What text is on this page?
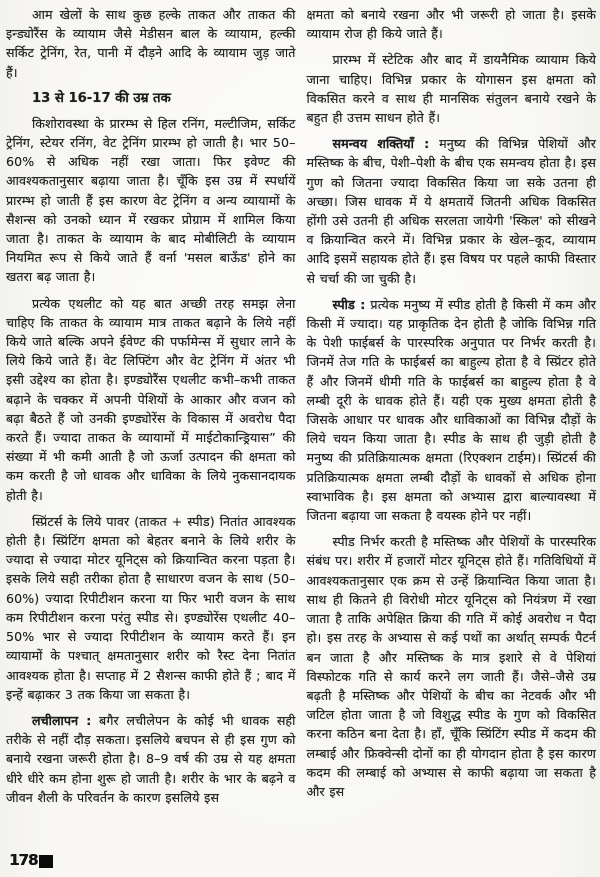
आम खेलों के साथ कुछ हल्के ताकत और ताकत की इन्ड्योरैंस के व्यायाम जैसे मेडीसन बाल के व्यायाम, हल्की सर्किट ट्रेनिंग, रेत, पानी में दौड़ने आदि के व्यायाम जुड़ जाते हैं।

13 से 16-17 की उम्र तक

किशोरावस्था के प्रारम्भ से हिल रनिंग, मल्टीजिम, सर्किट ट्रेनिंग, स्टेयर रनिंग, वेट ट्रेनिंग प्रारम्भ हो जाती है। भार 50–60% से अधिक नहीं रखा जाता। फिर इवेण्ट की आवश्यकतानुसार बढ़ाया जाता है। चूँकि इस उम्र में स्पर्धायें प्रारम्भ हो जाती हैं इस कारण वेट ट्रेनिंग व अन्य व्यायामों के सैशन्स को उनको ध्यान में रखकर प्रोग्राम में शामिल किया जाता है। ताकत के व्यायाम के बाद मोबीलिटी के व्यायाम नियमित रूप से किये जाते हैं वर्ना 'मसल बाऊँड' होने का खतरा बढ़ जाता है।

प्रत्येक एथलीट को यह बात अच्छी तरह समझ लेना चाहिए कि ताकत के व्यायाम मात्र ताकत बढ़ाने के लिये नहीं किये जाते बल्कि अपने ईवेण्ट की पर्फामेन्स में सुधार लाने के लिये किये जाते हैं। वेट लिफ्टिंग और वेट ट्रेनिंग में अंतर भी इसी उद्देश्य का होता है। इण्ड्योरैंस एथलीट कभी–कभी ताकत बढ़ाने के चक्कर में अपनी पेशियों के आकार और वजन को बढ़ा बैठते हैं जो उनकी इण्ड्योरेंस के विकास में अवरोध पैदा करते हैं। ज्यादा ताकत के व्यायामों में माईटोकान्ड्रियास” की संख्या में भी कमी आती है जो ऊर्जा उत्पादन की क्षमता को कम करती है जो धावक और धाविका के लिये नुकसानदायक होती है।

स्प्रिंटर्स के लिये पावर (ताकत + स्पीड) नितांत आवश्यक होती है। स्प्रिंटिंग क्षमता को बेहतर बनाने के लिये शरीर के ज्यादा से ज्यादा मोटर यूनिट्स को क्रियान्वित करना पड़ता है। इसके लिये सही तरीका होता है साधारण वजन के साथ (50–60%) ज्यादा रिपीटीशन करना या फिर भारी वजन के साथ कम रिपीटीशन करना परंतु स्पीड से। इण्ड्योरेंस एथलीट 40–50% भार से ज्यादा रिपीटीशन के व्यायाम करते हैं। इन व्यायामों के पश्चात् क्षमतानुसार शरीर को रैस्ट देना नितांत आवश्यक होता है। सप्ताह में 2 सैशन्स काफी होते हैं ; बाद में इन्हें बढ़ाकर 3 तक किया जा सकता है।

लचीलापन : बगैर लचीलेपन के कोई भी धावक सही तरीके से नहीं दौड़ सकता। इसलिये बचपन से ही इस गुण को बनाये रखना जरूरी होता है। 8–9 वर्ष की उम्र से यह क्षमता धीरे धीरे कम होना शुरू हो जाती है। शरीर के भार के बढ़ने व जीवन शैली के परिवर्तन के कारण इसलिये इस

क्षमता को बनाये रखना और भी जरूरी हो जाता है। इसके व्यायाम रोज ही किये जाते हैं।

प्रारम्भ में स्टेटिक और बाद में डायनैमिक व्यायाम किये जाना चाहिए। विभिन्न प्रकार के योगासन इस क्षमता को विकसित करने व साथ ही मानसिक संतुलन बनाये रखने के बहुत ही उत्तम साधन होते हैं।

समन्वय शक्तियाँ : मनुष्य की विभिन्न पेशियों और मस्तिष्क के बीच, पेशी–पेशी के बीच एक समन्वय होता है। इस गुण को जितना ज्यादा विकसित किया जा सके उतना ही अच्छा। जिस धावक में ये क्षमतायें जितनी अधिक विकसित होंगी उसे उतनी ही अधिक सरलता जायेगी 'स्किल' को सीखने व क्रियान्वित करने में। विभिन्न प्रकार के खेल–कूद, व्यायाम आदि इसमें सहायक होते हैं। इस विषय पर पहले काफी विस्तार से चर्चा की जा चुकी है।

स्पीड : प्रत्येक मनुष्य में स्पीड होती है किसी में कम और किसी में ज्यादा। यह प्राकृतिक देन होती है जोकि विभिन्न गति के पेशी फाईबर्स के पारस्परिक अनुपात पर निर्भर करती है। जिनमें तेज गति के फाईबर्स का बाहुल्य होता है वे स्प्रिंटर होते हैं और जिनमें धीमी गति के फाईबर्स का बाहुल्य होता है वे लम्बी दूरी के धावक होते हैं। यही एक मुख्य क्षमता होती है जिसके आधार पर धावक और धाविकाओं का विभिन्न दौड़ों के लिये चयन किया जाता है। स्पीड के साथ ही जुड़ी होती है मनुष्य की प्रतिक्रियात्मक क्षमता (रिएक्शन टाईम)। स्प्रिंटर्स की प्रतिक्रियात्मक क्षमता लम्बी दौड़ों के धावकों से अधिक होना स्वाभाविक है। इस क्षमता को अभ्यास द्वारा बाल्यावस्था में जितना बढ़ाया जा सकता है वयस्क होने पर नहीं।

स्पीड निर्भर करती है मस्तिष्क और पेशियों के पारस्परिक संबंध पर। शरीर में हजारों मोटर यूनिट्स होते हैं। गतिविधियों में आवश्यकतानुसार एक क्रम से उन्हें क्रियान्वित किया जाता है। साथ ही कितने ही विरोधी मोटर यूनिट्स को नियंत्रण में रखा जाता है ताकि अपेक्षित क्रिया की गति में कोई अवरोध न पैदा हो। इस तरह के अभ्यास से कई पथों का अर्थात् सम्पर्क पैटर्न बन जाता है और मस्तिष्क के मात्र इशारे से वे पेशियां विस्फोटक गति से कार्य करने लग जाती हैं। जैसे–जैसे उम्र बढ़ती है मस्तिष्क और पेशियों के बीच का नेटवर्क और भी जटिल होता जाता है जो विशुद्ध स्पीड के गुण को विकसित करना कठिन बना देता है। हाँ, चूँकि स्प्रिंटिंग स्पीड में कदम की लम्बाई और फ्रिक्वेन्सी दोनों का ही योगदान होता है इस कारण कदम की लम्बाई को अभ्यास से काफी बढ़ाया जा सकता है और इस

178
